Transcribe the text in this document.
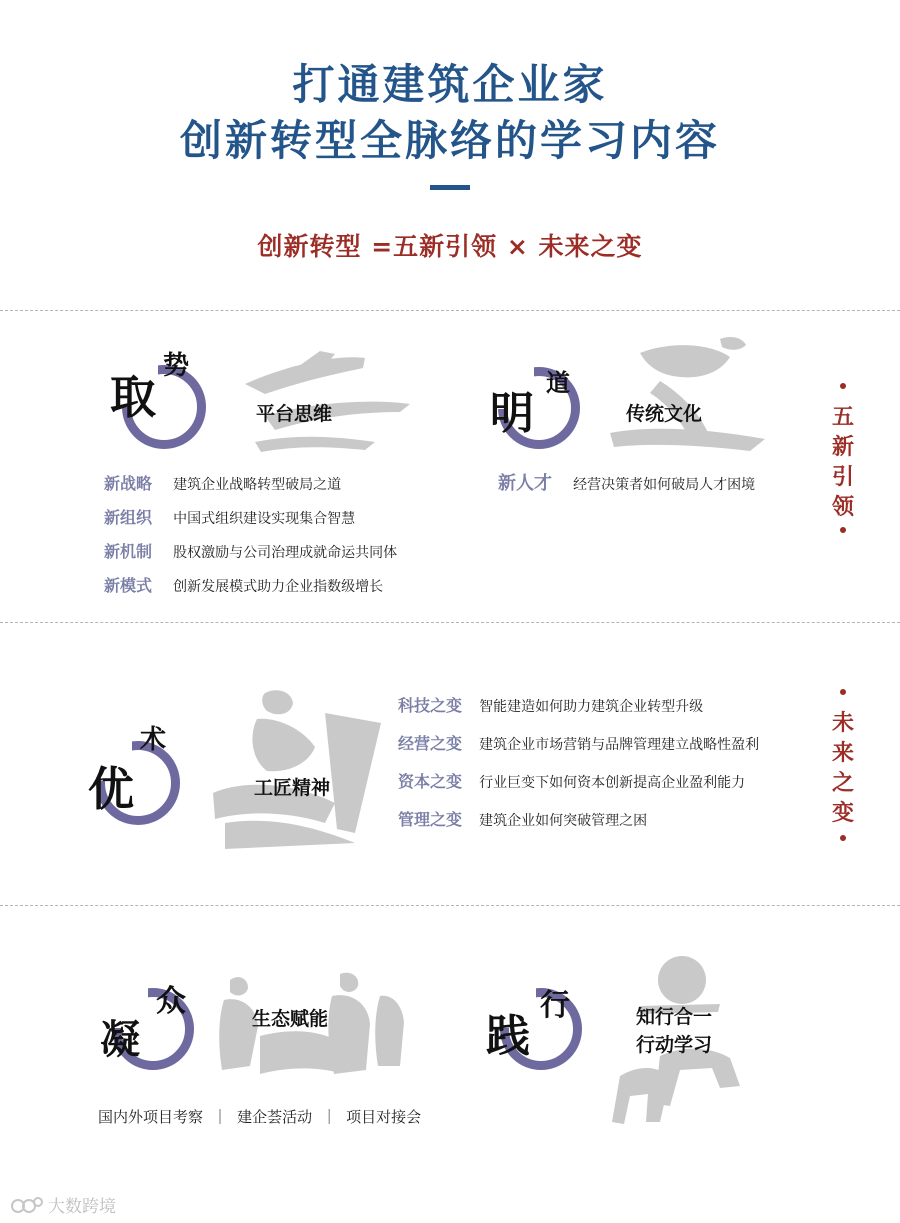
打通建筑企业家
创新转型全脉络的学习内容
创新转型 =五新引领 × 未来之变
取
势
平台思维
新战略 建筑企业战略转型破局之道
新组织 中国式组织建设实现集合智慧
新机制 股权激励与公司治理成就命运共同体
新模式 创新发展模式助力企业指数级增长
明
道
传统文化
新人才 经营决策者如何破局人才困境
五新引领
优
术
工匠精神
科技之变 智能建造如何助力建筑企业转型升级
经营之变 建筑企业市场营销与品牌管理建立战略性盈利
资本之变 行业巨变下如何资本创新提高企业盈利能力
管理之变 建筑企业如何突破管理之困
未来之变
凝
众	生态赋能
国内外项目考察  ｜  建企荟活动  ｜  项目对接会
践
行	知行合一
行动学习
大数跨境
